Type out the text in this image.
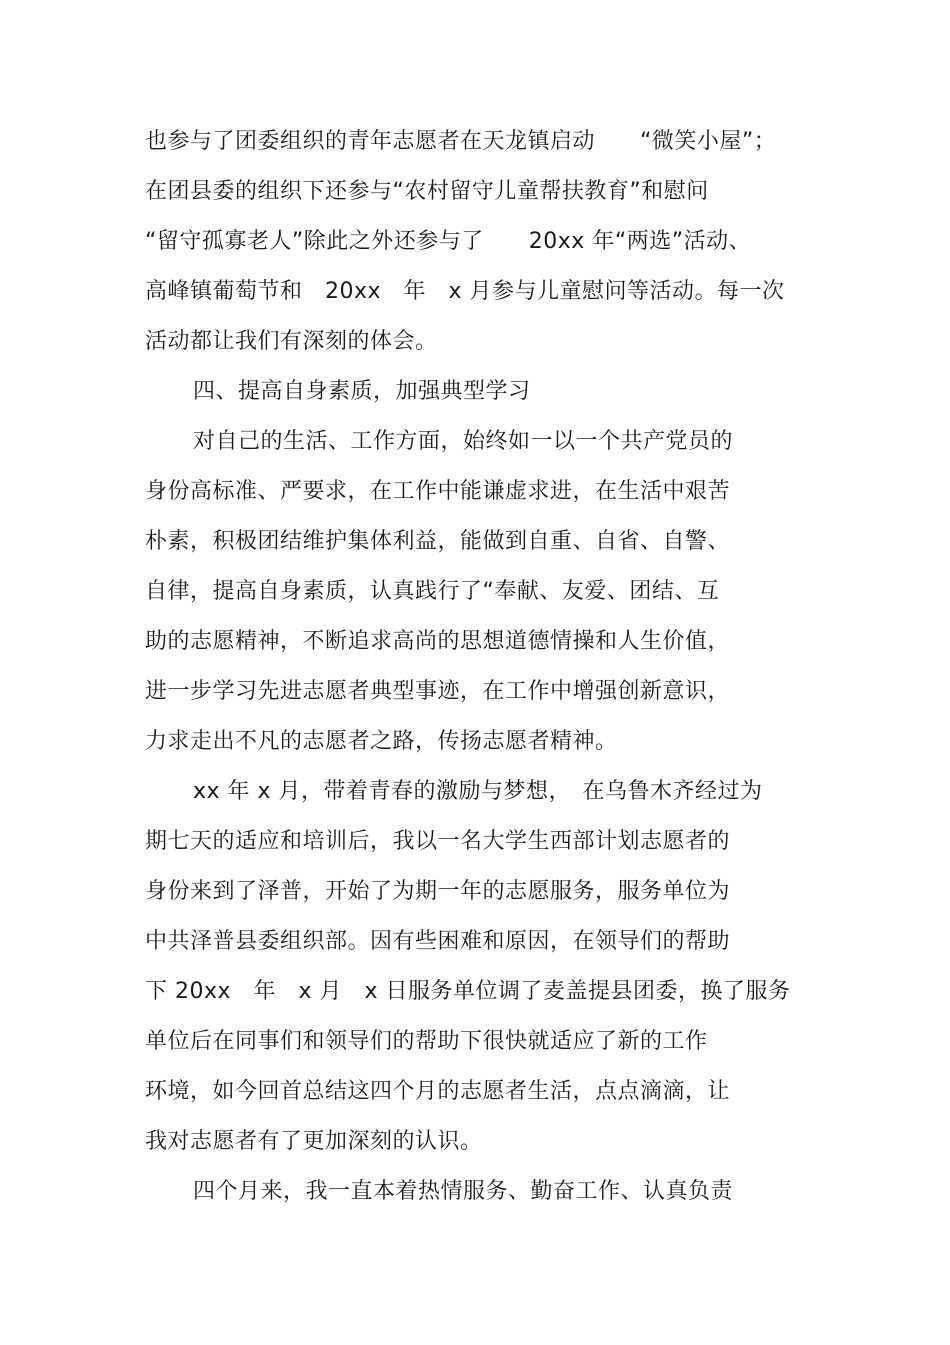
也参与了团委组织的青年志愿者在天龙镇启动　　“微笑小屋”；
在团县委的组织下还参与“农村留守儿童帮扶教育”和慰问
“留守孤寡老人”除此之外还参与了　　20xx 年“两选”活动、
高峰镇葡萄节和　20xx　年　x 月参与儿童慰问等活动。每一次
活动都让我们有深刻的体会。
四、提高自身素质，加强典型学习
对自己的生活、工作方面，始终如一以一个共产党员的
身份高标准、严要求，在工作中能谦虚求进，在生活中艰苦
朴素，积极团结维护集体利益，能做到自重、自省、自警、
自律，提高自身素质，认真践行了“奉献、友爱、团结、互
助的志愿精神，不断追求高尚的思想道德情操和人生价值，
进一步学习先进志愿者典型事迹，在工作中增强创新意识，
力求走出不凡的志愿者之路，传扬志愿者精神。
xx 年 x 月，带着青春的激励与梦想，　在乌鲁木齐经过为
期七天的适应和培训后，我以一名大学生西部计划志愿者的
身份来到了泽普，开始了为期一年的志愿服务，服务单位为
中共泽普县委组织部。因有些困难和原因，在领导们的帮助
下 20xx　年　x 月　x 日服务单位调了麦盖提县团委，换了服务
单位后在同事们和领导们的帮助下很快就适应了新的工作
环境，如今回首总结这四个月的志愿者生活，点点滴滴，让
我对志愿者有了更加深刻的认识。
四个月来，我一直本着热情服务、勤奋工作、认真负责
